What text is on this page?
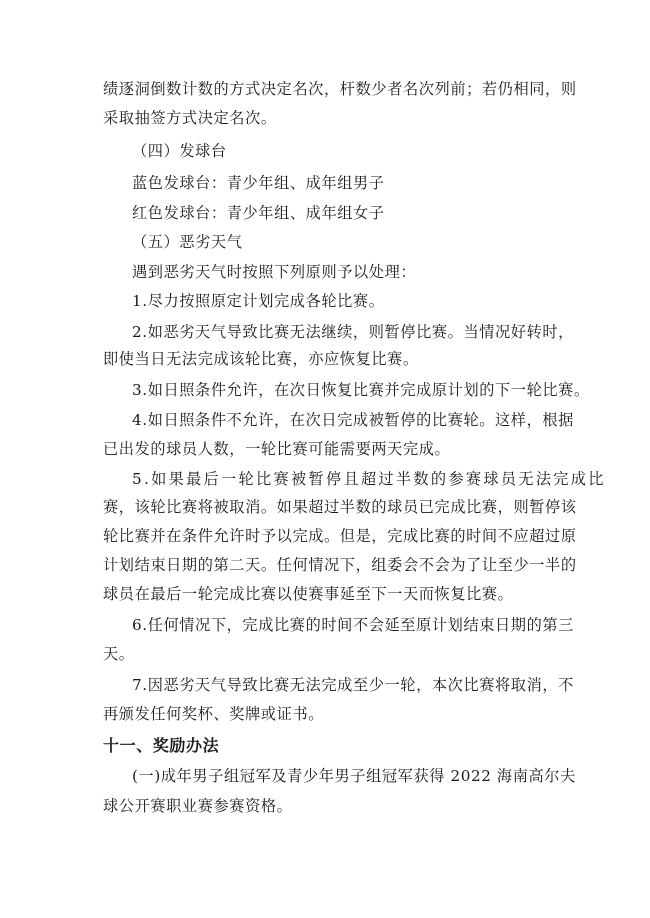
绩逐洞倒数计数的方式决定名次，杆数少者名次列前；若仍相同，则
采取抽签方式决定名次。
（四）发球台
蓝色发球台：青少年组、成年组男子
红色发球台：青少年组、成年组女子
（五）恶劣天气
遇到恶劣天气时按照下列原则予以处理：
1.尽力按照原定计划完成各轮比赛。
2.如恶劣天气导致比赛无法继续，则暂停比赛。当情况好转时，
即使当日无法完成该轮比赛，亦应恢复比赛。
3.如日照条件允许，在次日恢复比赛并完成原计划的下一轮比赛。
4.如日照条件不允许，在次日完成被暂停的比赛轮。这样，根据
已出发的球员人数，一轮比赛可能需要两天完成。
5.如果最后一轮比赛被暂停且超过半数的参赛球员无法完成比
赛，该轮比赛将被取消。如果超过半数的球员已完成比赛，则暂停该
轮比赛并在条件允许时予以完成。但是，完成比赛的时间不应超过原
计划结束日期的第二天。任何情况下，组委会不会为了让至少一半的
球员在最后一轮完成比赛以使赛事延至下一天而恢复比赛。
6.任何情况下，完成比赛的时间不会延至原计划结束日期的第三
天。
7.因恶劣天气导致比赛无法完成至少一轮，本次比赛将取消，不
再颁发任何奖杯、奖牌或证书。
十一、奖励办法
(一)成年男子组冠军及青少年男子组冠军获得 2022 海南高尔夫
球公开赛职业赛参赛资格。
